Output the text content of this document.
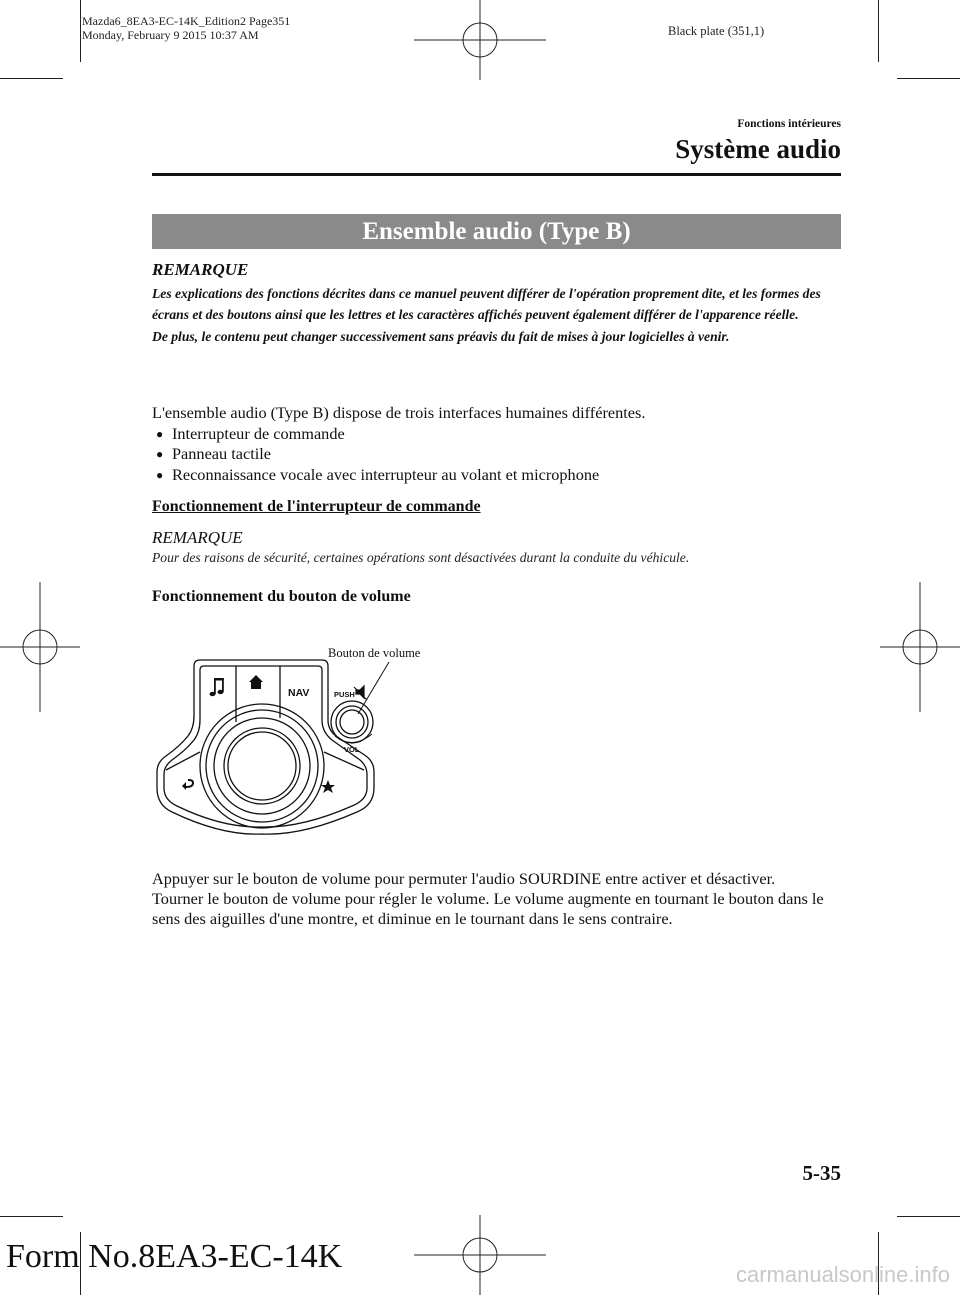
Mazda6_8EA3-EC-14K_Edition2 Page351
Monday, February 9 2015 10:37 AM	Black plate (351,1)
Fonctions intérieures
Système audio
Ensemble audio (Type B)
REMARQUE

Les explications des fonctions décrites dans ce manuel peuvent différer de l'opération proprement dite, et les formes des écrans et des boutons ainsi que les lettres et les caractères affichés peuvent également différer de l'apparence réelle.

De plus, le contenu peut changer successivement sans préavis du fait de mises à jour logicielles à venir.

L'ensemble audio (Type B) dispose de trois interfaces humaines différentes.
● Interrupteur de commande
● Panneau tactile
● Reconnaissance vocale avec interrupteur au volant et microphone
Fonctionnement de l'interrupteur de commande
REMARQUE
Pour des raisons de sécurité, certaines opérations sont désactivées durant la conduite du véhicule.
Fonctionnement du bouton de volume
Bouton de volume
NAV	PUSH
VOL

Appuyer sur le bouton de volume pour permuter l'audio SOURDINE entre activer et désactiver.

Tourner le bouton de volume pour régler le volume. Le volume augmente en tournant le bouton dans le sens des aiguilles d'une montre, et diminue en le tournant dans le sens contraire.

5-35
Form No.8EA3-EC-14K	carmanualsonline.info
